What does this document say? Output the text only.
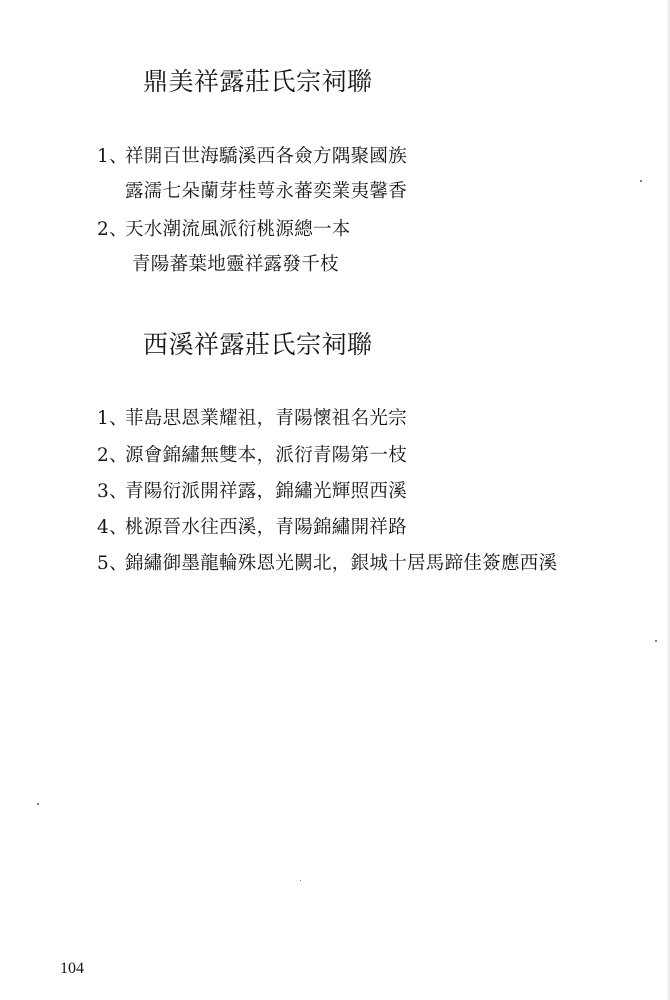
鼎美祥露莊氏宗祠聯
1、
祥開百世海驕溪西各僉方隅聚國族
露濡七朵蘭芽桂萼永蕃奕業夷馨香
2、
天水潮流風派衍桃源總一本
青陽蕃葉地靈祥露發千枝
西溪祥露莊氏宗祠聯
1、
菲島思恩業耀祖，青陽懷祖名光宗
2、
源會錦繡無雙本，派衍青陽第一枝
3、
青陽衍派開祥露，錦繡光輝照西溪
4、
桃源晉水往西溪，青陽錦繡開祥路
5、
錦繡御墨龍輪殊恩光闕北，銀城十居馬蹄佳簽應西溪
104
